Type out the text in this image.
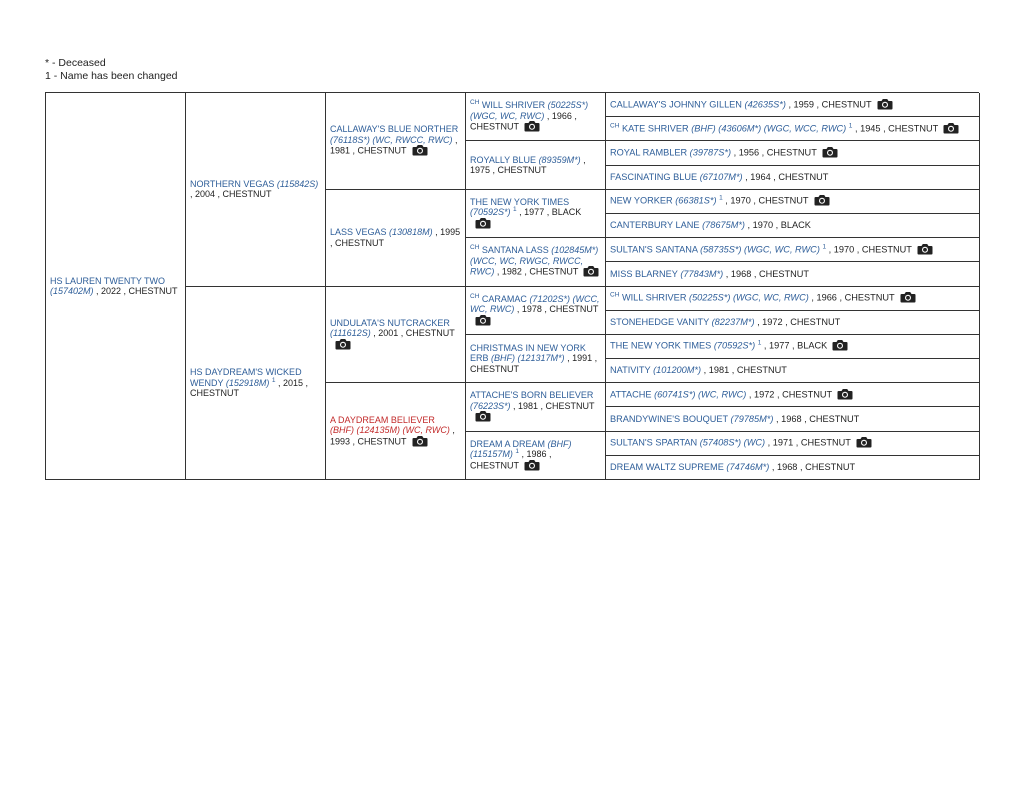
* - Deceased
1 - Name has been changed
HS LAUREN TWENTY TWO (157402M) , 2022 , CHESTNUT
NORTHERN VEGAS (115842S) , 2004 , CHESTNUT
HS DAYDREAM'S WICKED WENDY (152918M) $^1$ , 2015 , CHESTNUT
CALLAWAY'S BLUE NORTHER (76118S*) (WC, RWCC, RWC) , 1981 , CHESTNUT
LASS VEGAS (130818M) , 1995 , CHESTNUT
UNDULATA'S NUTCRACKER (111612S) , 2001 , CHESTNUT
A DAYDREAM BELIEVER (BHF) (124135M) (WC, RWC) , 1993 , CHESTNUT
$^{CH}$ WILL SHRIVER (50225S*) (WGC, WC, RWC) , 1966 , CHESTNUT
ROYALLY BLUE (89359M*) , 1975 , CHESTNUT
THE NEW YORK TIMES (70592S*) $^1$ , 1977 , BLACK
$^{CH}$ SANTANA LASS (102845M*) (WCC, WC, RWGC, RWCC, RWC) , 1982 , CHESTNUT
$^{CH}$ CARAMAC (71202S*) (WCC, WC, RWC) , 1978 , CHESTNUT
CHRISTMAS IN NEW YORK ERB (BHF) (121317M*) , 1991 , CHESTNUT
ATTACHE'S BORN BELIEVER (76223S*) , 1981 , CHESTNUT
DREAM A DREAM (BHF) (115157M) $^1$ , 1986 , CHESTNUT
CALLAWAY'S JOHNNY GILLEN (42635S*) , 1959 , CHESTNUT
$^{CH}$ KATE SHRIVER (BHF) (43606M*) (WGC, WCC, RWC) $^1$ , 1945 , CHESTNUT
ROYAL RAMBLER (39787S*) , 1956 , CHESTNUT
FASCINATING BLUE (67107M*) , 1964 , CHESTNUT
NEW YORKER (66381S*) $^1$ , 1970 , CHESTNUT
CANTERBURY LANE (78675M*) , 1970 , BLACK
SULTAN'S SANTANA (58735S*) (WGC, WC, RWC) $^1$ , 1970 , CHESTNUT
MISS BLARNEY (77843M*) , 1968 , CHESTNUT
$^{CH}$ WILL SHRIVER (50225S*) (WGC, WC, RWC) , 1966 , CHESTNUT
STONEHEDGE VANITY (82237M*) , 1972 , CHESTNUT
THE NEW YORK TIMES (70592S*) $^1$ , 1977 , BLACK
NATIVITY (101200M*) , 1981 , CHESTNUT
ATTACHE (60741S*) (WC, RWC) , 1972 , CHESTNUT
BRANDYWINE'S BOUQUET (79785M*) , 1968 , CHESTNUT
SULTAN'S SPARTAN (57408S*) (WC) , 1971 , CHESTNUT
DREAM WALTZ SUPREME (74746M*) , 1968 , CHESTNUT
